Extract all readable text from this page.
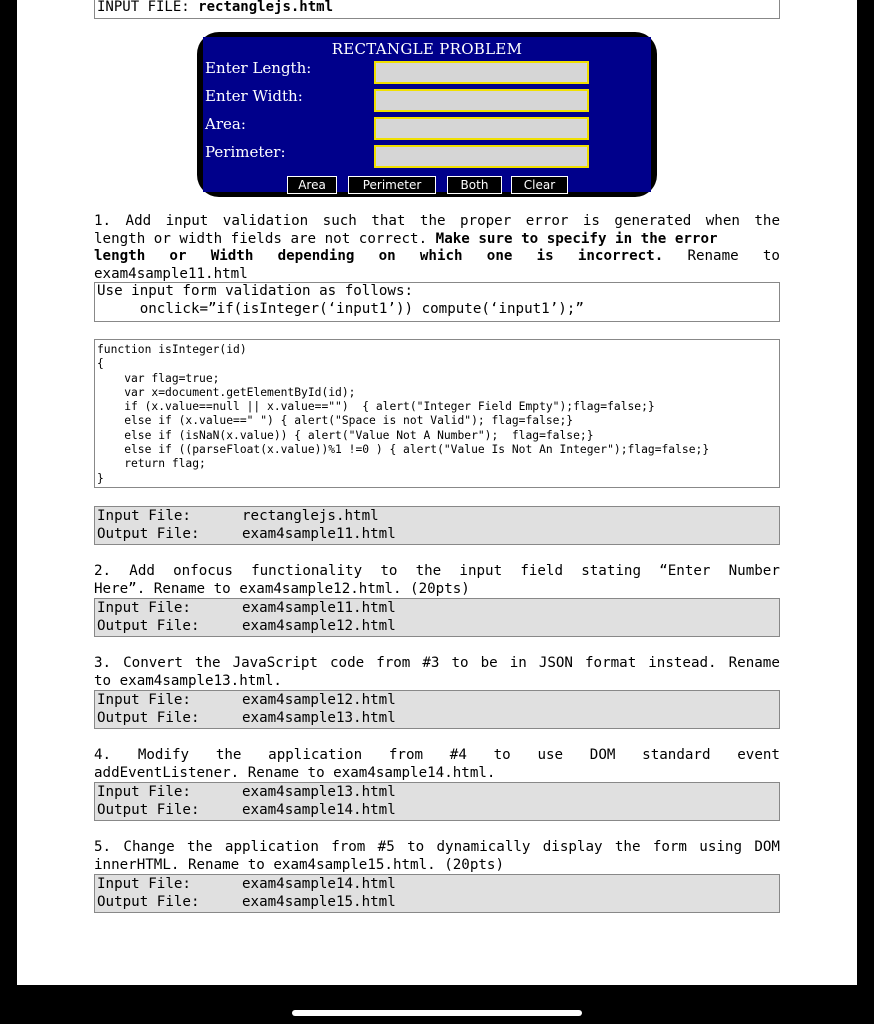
INPUT FILE: rectanglejs.html
RECTANGLE PROBLEM
Enter Length:
Enter Width:
Area:
Perimeter:
Area	Perimeter	Both	Clear
1. Add input validation such that the proper error is generated when the
length or width fields are not correct. Make sure to specify in the error
length or Width depending on which one is incorrect. Rename to
exam4sample11.html
Use input form validation as follows:
onclick=”if(isInteger(‘input1’)) compute(‘input1’);”
function isInteger(id)
{
var flag=true;
var x=document.getElementById(id);
if (x.value==null || x.value=="")  { alert("Integer Field Empty");flag=false;}
else if (x.value==" ") { alert("Space is not Valid"); flag=false;}
else if (isNaN(x.value)) { alert("Value Not A Number");  flag=false;}
else if ((parseFloat(x.value))%1 !=0 ) { alert("Value Is Not An Integer");flag=false;}
return flag;
}
Input File:	rectanglejs.html
Output File:	exam4sample11.html
2. Add onfocus functionality to the input field stating “Enter Number
Here”. Rename to exam4sample12.html. (20pts)
Input File:	exam4sample11.html
Output File:	exam4sample12.html
3. Convert the JavaScript code from #3 to be in JSON format instead. Rename
to exam4sample13.html.
Input File:	exam4sample12.html
Output File:	exam4sample13.html
4. Modify the application from #4 to use DOM standard event
addEventListener. Rename to exam4sample14.html.
Input File:	exam4sample13.html
Output File:	exam4sample14.html
5. Change the application from #5 to dynamically display the form using DOM
innerHTML. Rename to exam4sample15.html. (20pts)
Input File:	exam4sample14.html
Output File:	exam4sample15.html
